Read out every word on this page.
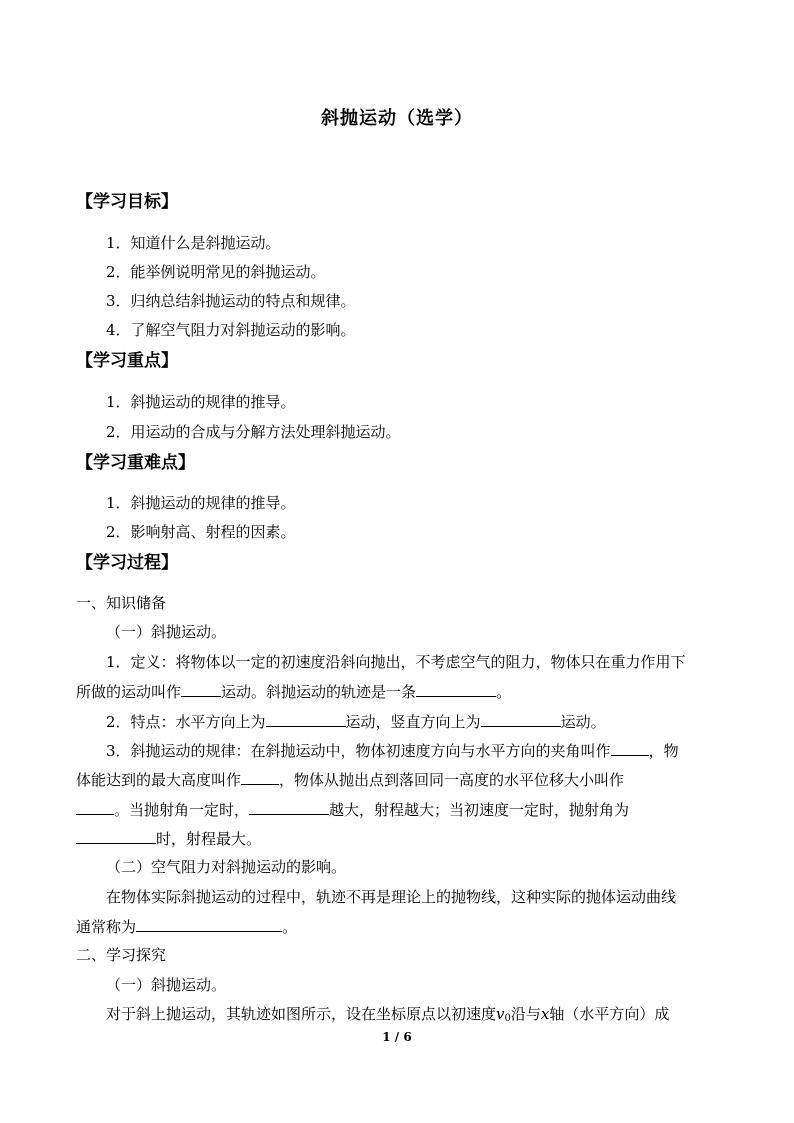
斜抛运动（选学）
【学习目标】
1．知道什么是斜抛运动。
2．能举例说明常见的斜抛运动。
3．归纳总结斜抛运动的特点和规律。
4．了解空气阻力对斜抛运动的影响。
【学习重点】
1．斜抛运动的规律的推导。
2．用运动的合成与分解方法处理斜抛运动。
【学习重难点】
1．斜抛运动的规律的推导。
2．影响射高、射程的因素。
【学习过程】
一、知识储备
（一）斜抛运动。
1．定义：将物体以一定的初速度沿斜向抛出，不考虑空气的阻力，物体只在重力作用下
所做的运动叫作	运动。斜抛运动的轨迹是一条	。
2．特点：水平方向上为	运动，竖直方向上为	运动。
3．斜抛运动的规律：在斜抛运动中，物体初速度方向与水平方向的夹角叫作	，物
体能达到的最大高度叫作	，物体从抛出点到落回同一高度的水平位移大小叫作
。当抛射角一定时，	越大，射程越大；当初速度一定时，抛射角为
时，射程最大。
（二）空气阻力对斜抛运动的影响。
在物体实际斜抛运动的过程中，轨迹不再是理论上的抛物线，这种实际的抛体运动曲线
通常称为	。
二、学习探究
（一）斜抛运动。
对于斜上抛运动，其轨迹如图所示，设在坐标原点以初速度$v_0$沿与x轴（水平方向）成
1 / 6
